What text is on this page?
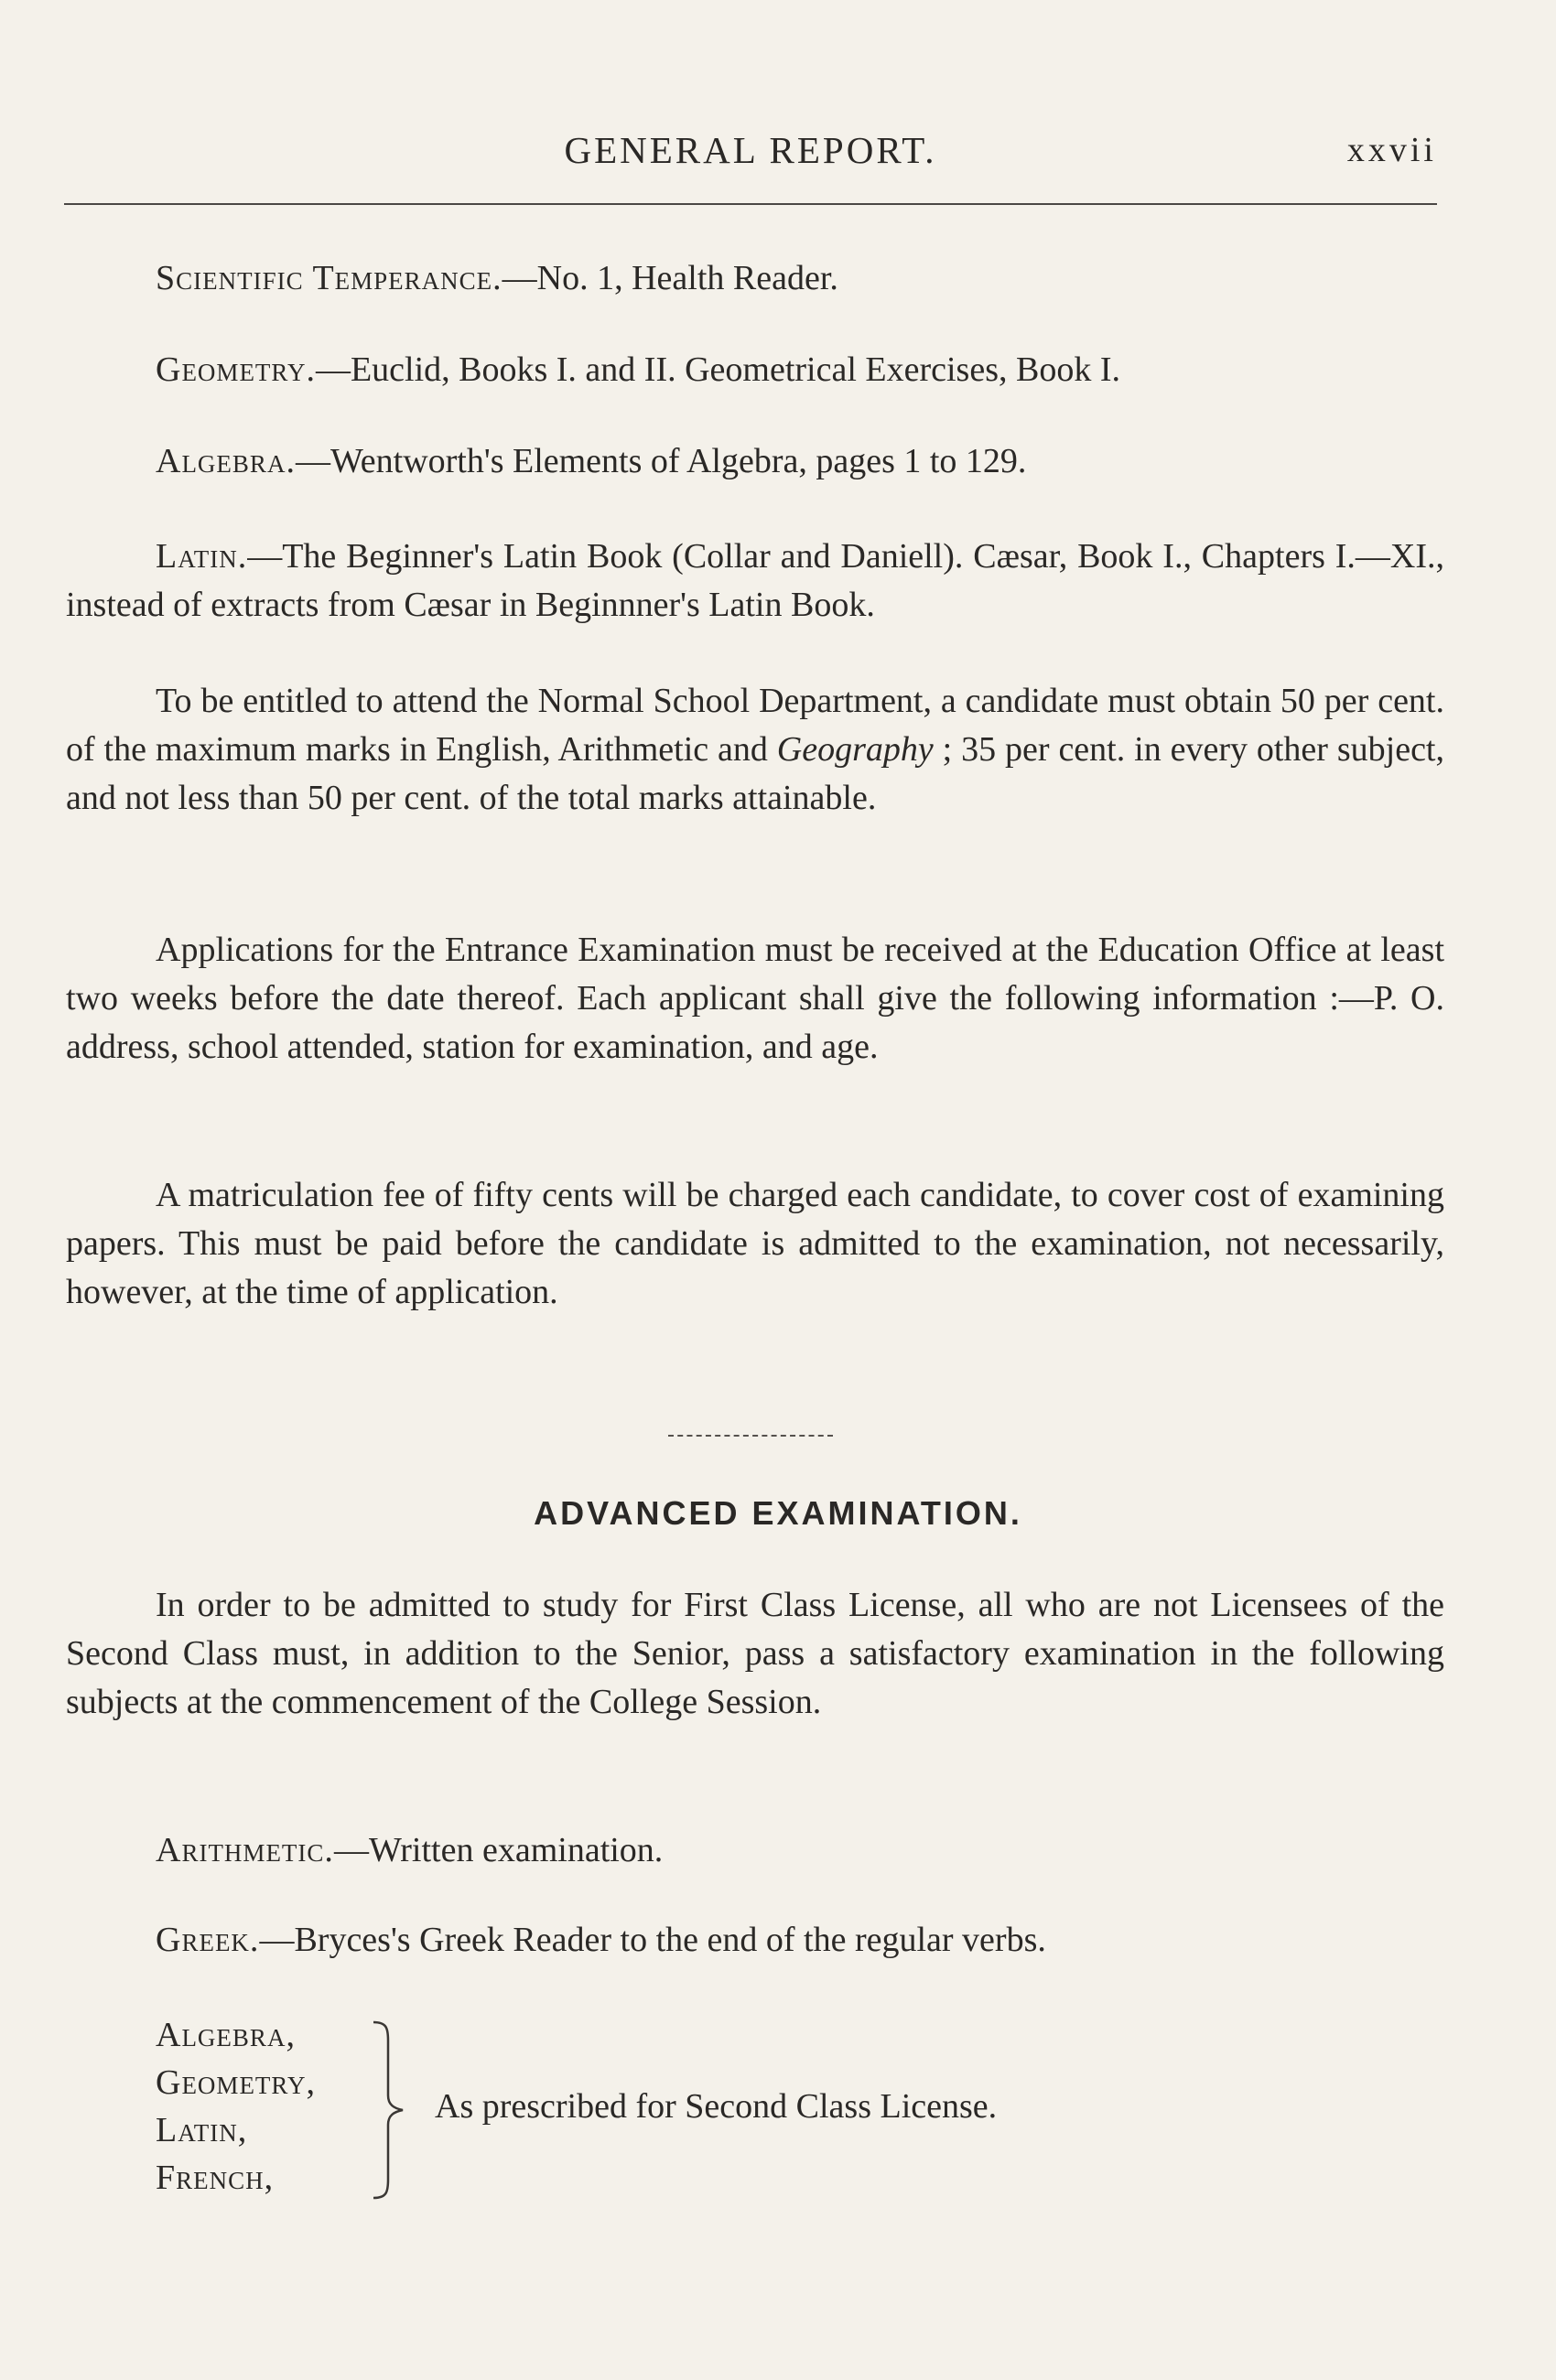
GENERAL REPORT.	xxvii

Scientific Temperance.—No. 1, Health Reader.

Geometry.—Euclid, Books I. and II. Geometrical Exercises, Book I.

Algebra.—Wentworth's Elements of Algebra, pages 1 to 129.

Latin.—The Beginner's Latin Book (Collar and Daniell). Cæsar, Book I., Chapters I.—XI., instead of extracts from Cæsar in Beginnner's Latin Book.

To be entitled to attend the Normal School Department, a candidate must obtain 50 per cent. of the maximum marks in English, Arithmetic and Geography ; 35 per cent. in every other subject, and not less than 50 per cent. of the total marks attainable.

Applications for the Entrance Examination must be received at the Education Office at least two weeks before the date thereof. Each applicant shall give the following information :—P. O. address, school attended, station for examination, and age.

A matriculation fee of fifty cents will be charged each candidate, to cover cost of examining papers. This must be paid before the candidate is admitted to the examination, not necessarily, however, at the time of application.

In order to be admitted to study for First Class License, all who are not Licensees of the Second Class must, in addition to the Senior, pass a satisfactory examination in the following subjects at the commencement of the College Session.

Arithmetic.—Written examination.

Greek.—Bryces's Greek Reader to the end of the regular verbs.

ADVANCED EXAMINATION.
Algebra,
Geometry,
Latin,
French,
As prescribed for Second Class License.
